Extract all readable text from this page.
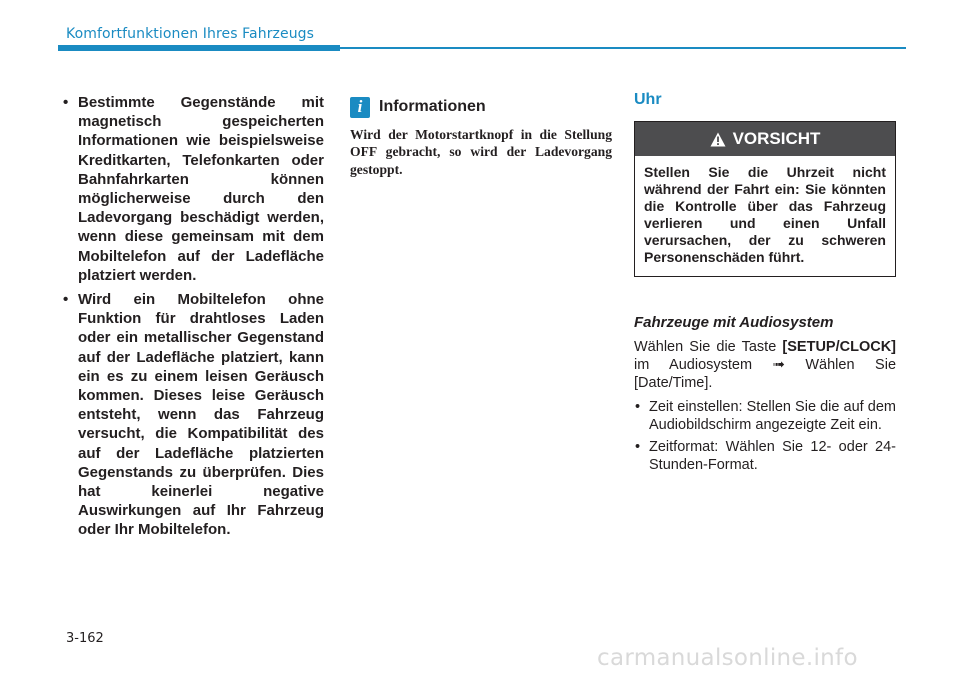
Komfortfunktionen Ihres Fahrzeugs
• Bestimmte Gegenstände mit magnetisch gespeicherten Informationen wie beispielsweise Kreditkarten, Telefonkarten oder Bahnfahrkarten können möglicherweise durch den Ladevorgang beschädigt werden, wenn diese gemeinsam mit dem Mobiltelefon auf der Ladefläche platziert werden.
• Wird ein Mobiltelefon ohne Funktion für drahtloses Laden oder ein metallischer Gegenstand auf der Ladefläche platziert, kann ein es zu einem leisen Geräusch kommen. Dieses leise Geräusch entsteht, wenn das Fahrzeug versucht, die Kompatibilität des auf der Ladefläche platzierten Gegenstands zu überprüfen. Dies hat keinerlei negative Auswirkungen auf Ihr Fahrzeug oder Ihr Mobiltelefon.
i	Informationen
Wird der Motorstartknopf in die Stellung OFF gebracht, so wird der Ladevorgang gestoppt.
Uhr
VORSICHT
Stellen Sie die Uhrzeit nicht während der Fahrt ein: Sie könnten die Kontrolle über das Fahrzeug verlieren und einen Unfall verursachen, der zu schweren Personenschäden führt.
Fahrzeuge mit Audiosystem
Wählen Sie die Taste [SETUP/CLOCK] im Audiosystem ➟ Wählen Sie [Date/Time].
• Zeit einstellen: Stellen Sie die auf dem Audiobildschirm angezeigte Zeit ein.
• Zeitformat: Wählen Sie 12- oder 24-Stunden-Format.
3-162
carmanualsonline.info
